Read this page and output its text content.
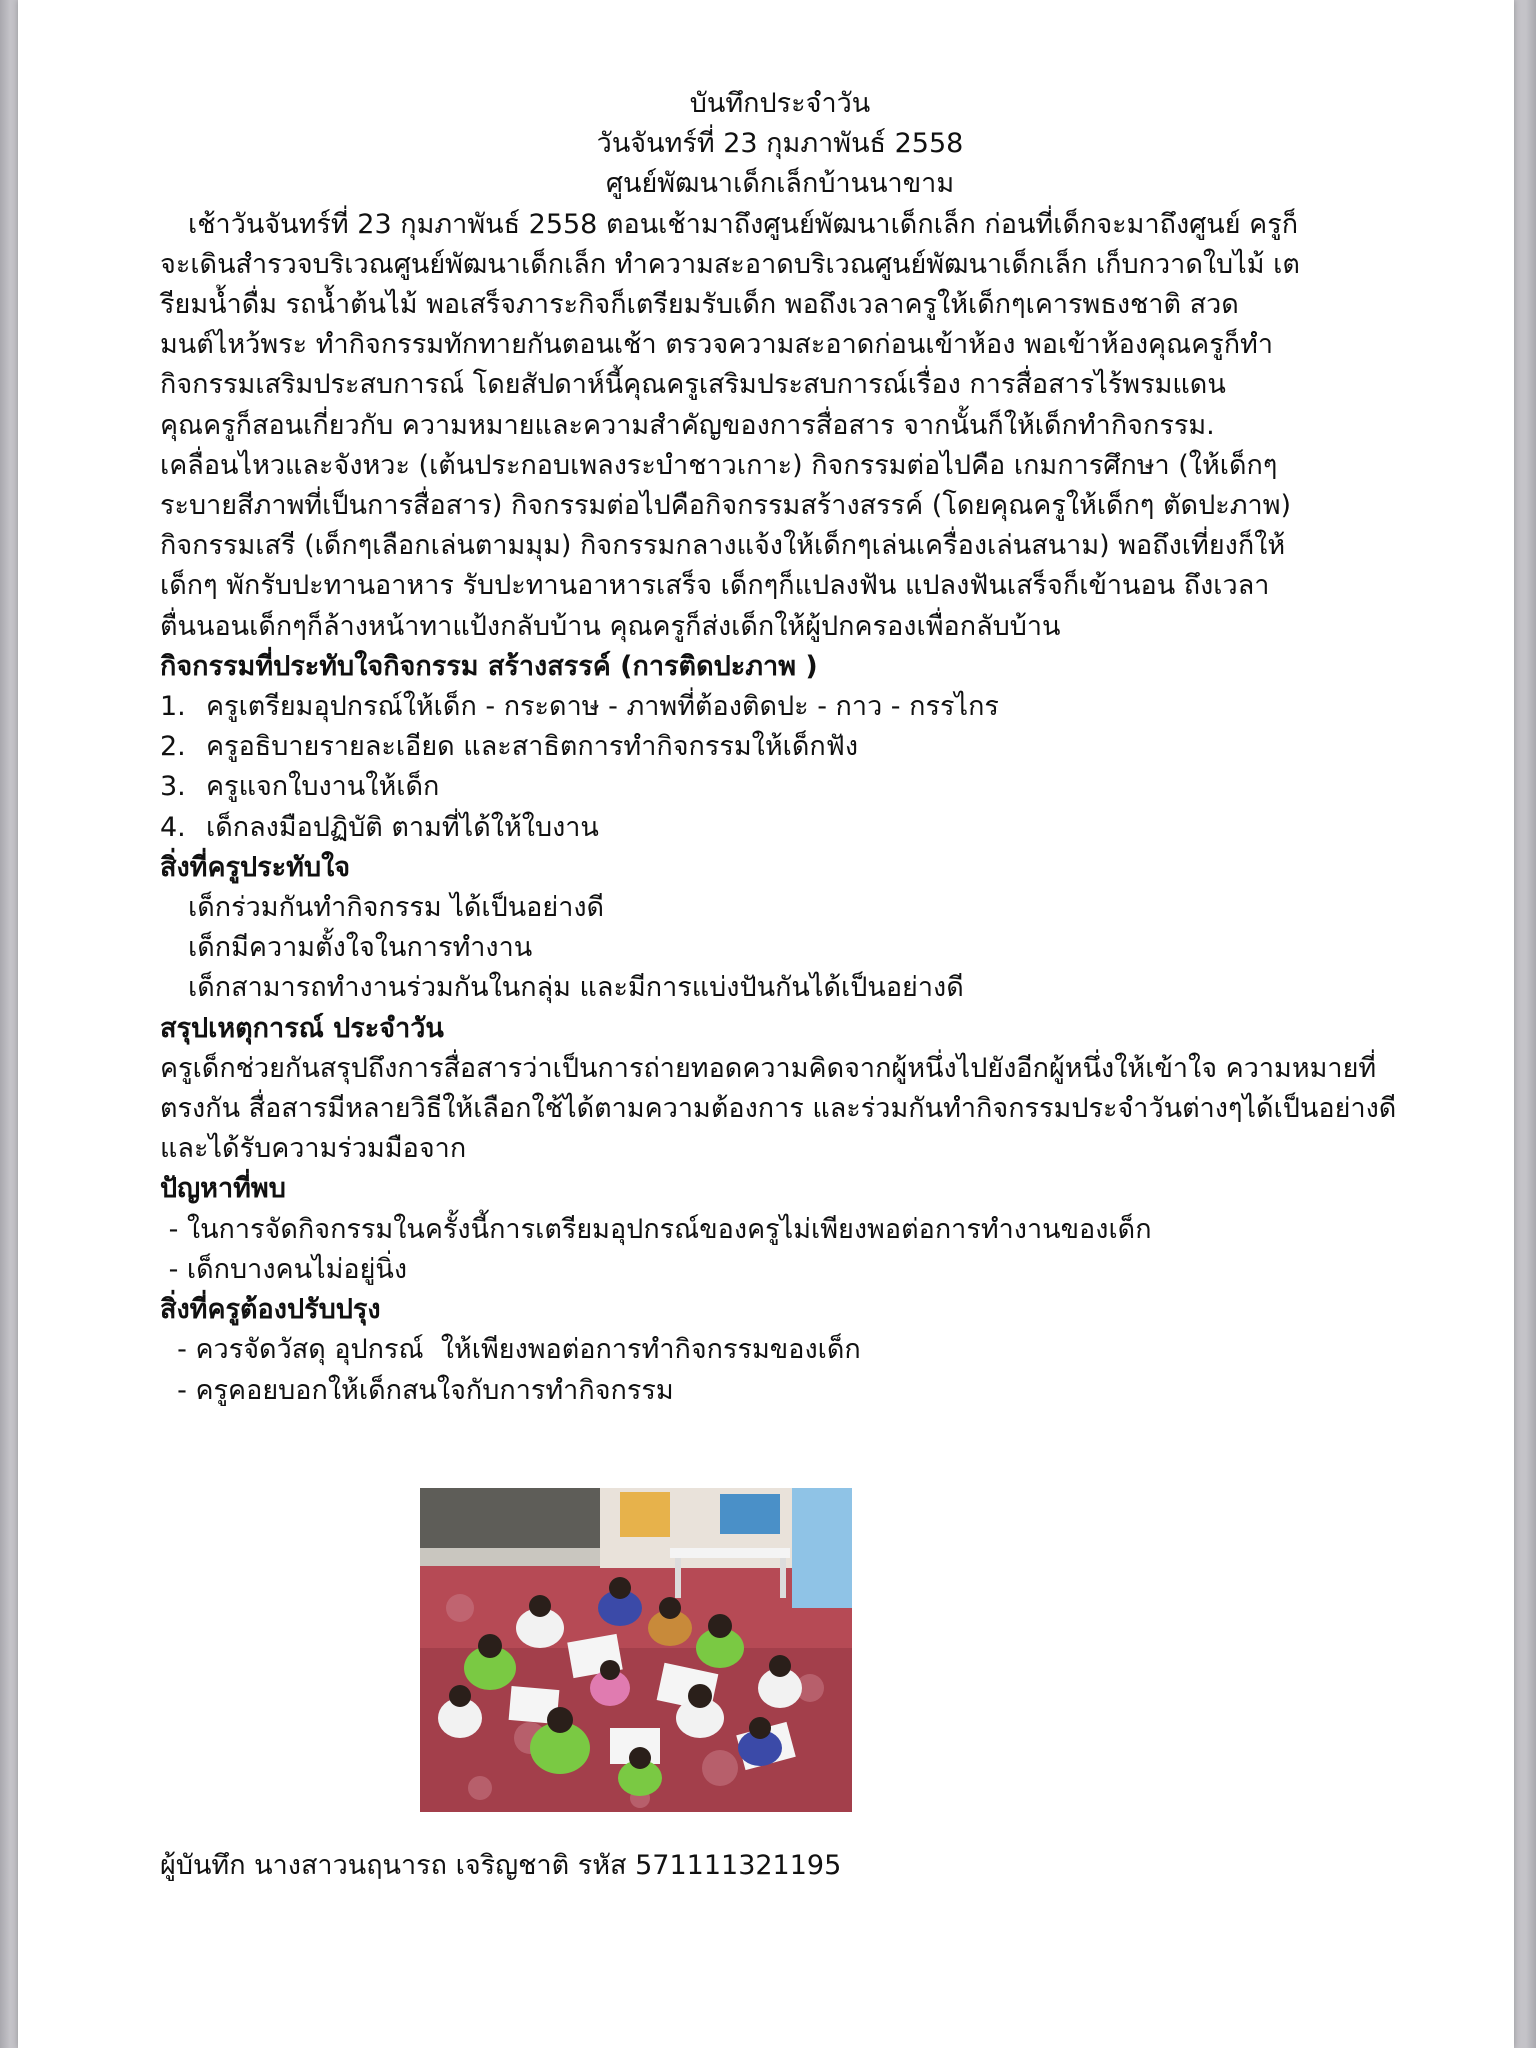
บันทึกประจำวัน
วันจันทร์ที่ 23 กุมภาพันธ์ 2558
ศูนย์พัฒนาเด็กเล็กบ้านนาขาม
เช้าวันจันทร์ที่ 23 กุมภาพันธ์ 2558 ตอนเช้ามาถึงศูนย์พัฒนาเด็กเล็ก ก่อนที่เด็กจะมาถึงศูนย์ ครูก็
จะเดินสำรวจบริเวณศูนย์พัฒนาเด็กเล็ก ทำความสะอาดบริเวณศูนย์พัฒนาเด็กเล็ก เก็บกวาดใบไม้ เต
รียมน้ำดื่ม รถน้ำต้นไม้ พอเสร็จภาระกิจก็เตรียมรับเด็ก พอถึงเวลาครูให้เด็กๆเคารพธงชาติ สวด
มนต์ไหว้พระ ทำกิจกรรมทักทายกันตอนเช้า ตรวจความสะอาดก่อนเข้าห้อง พอเข้าห้องคุณครูก็ทำ
กิจกรรมเสริมประสบการณ์ โดยสัปดาห์นี้คุณครูเสริมประสบการณ์เรื่อง การสื่อสารไร้พรมแดน
คุณครูก็สอนเกี่ยวกับ ความหมายและความสำคัญของการสื่อสาร จากนั้นก็ให้เด็กทำกิจกรรม.
เคลื่อนไหวและจังหวะ (เต้นประกอบเพลงระบำชาวเกาะ) กิจกรรมต่อไปคือ เกมการศึกษา (ให้เด็กๆ
ระบายสีภาพที่เป็นการสื่อสาร) กิจกรรมต่อไปคือกิจกรรมสร้างสรรค์ (โดยคุณครูให้เด็กๆ ตัดปะภาพ)
กิจกรรมเสรี (เด็กๆเลือกเล่นตามมุม) กิจกรรมกลางแจ้งให้เด็กๆเล่นเครื่องเล่นสนาม) พอถึงเที่ยงก็ให้
เด็กๆ พักรับปะทานอาหาร รับปะทานอาหารเสร็จ เด็กๆก็แปลงฟัน แปลงฟันเสร็จก็เข้านอน ถึงเวลา
ตื่นนอนเด็กๆก็ล้างหน้าทาแป้งกลับบ้าน คุณครูก็ส่งเด็กให้ผู้ปกครองเพื่อกลับบ้าน
กิจกรรมที่ประทับใจกิจกรรม สร้างสรรค์ (การติดปะภาพ )
1. ครูเตรียมอุปกรณ์ให้เด็ก - กระดาษ - ภาพที่ต้องติดปะ - กาว - กรรไกร
2. ครูอธิบายรายละเอียด และสาธิตการทำกิจกรรมให้เด็กฟัง
3. ครูแจกใบงานให้เด็ก
4. เด็กลงมือปฏิบัติ ตามที่ได้ให้ใบงาน
สิ่งที่ครูประทับใจ
เด็กร่วมกันทำกิจกรรม ได้เป็นอย่างดี
เด็กมีความตั้งใจในการทำงาน
เด็กสามารถทำงานร่วมกันในกลุ่ม และมีการแบ่งปันกันได้เป็นอย่างดี
สรุปเหตุการณ์ ประจำวัน
ครูเด็กช่วยกันสรุปถึงการสื่อสารว่าเป็นการถ่ายทอดความคิดจากผู้หนึ่งไปยังอีกผู้หนึ่งให้เข้าใจ ความหมายที่
ตรงกัน สื่อสารมีหลายวิธีให้เลือกใช้ได้ตามความต้องการ และร่วมกันทำกิจกรรมประจำวันต่างๆได้เป็นอย่างดี
และได้รับความร่วมมือจาก
ปัญหาที่พบ
- ในการจัดกิจกรรมในครั้งนี้การเตรียมอุปกรณ์ของครูไม่เพียงพอต่อการทำงานของเด็ก
- เด็กบางคนไม่อยู่นิ่ง
สิ่งที่ครูต้องปรับปรุง
- ควรจัดวัสดุ อุปกรณ์  ให้เพียงพอต่อการทำกิจกรรมของเด็ก
- ครูคอยบอกให้เด็กสนใจกับการทำกิจกรรม
ผู้บันทึก นางสาวนฤนารถ เจริญชาติ รหัส 571111321195
